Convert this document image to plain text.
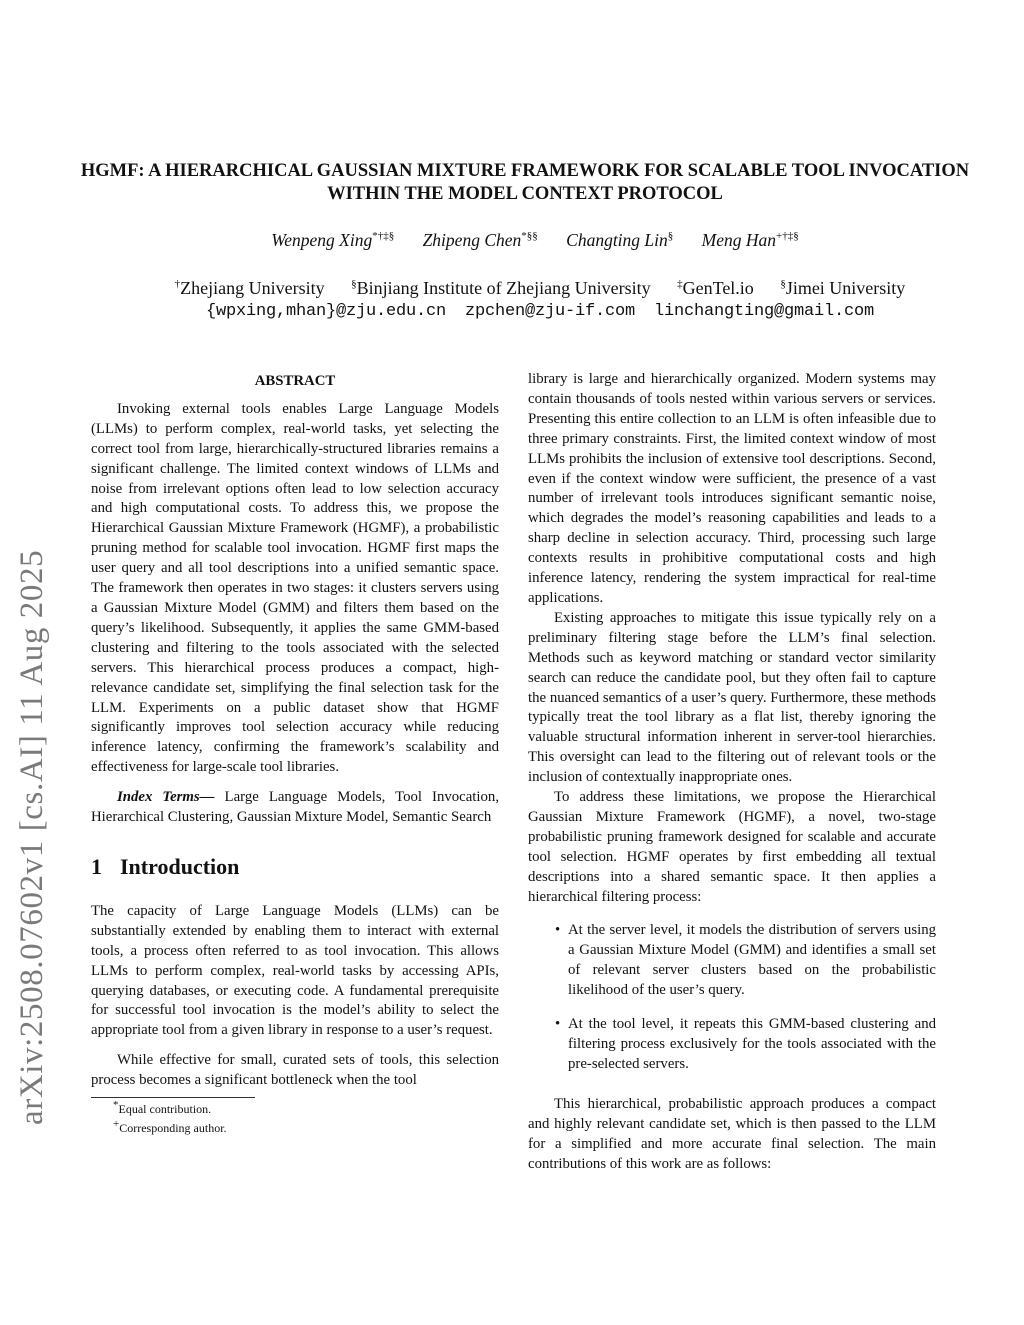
arXiv:2508.07602v1 [cs.AI] 11 Aug 2025
HGMF: A HIERARCHICAL GAUSSIAN MIXTURE FRAMEWORK FOR SCALABLE TOOL INVOCATION WITHIN THE MODEL CONTEXT PROTOCOL
Wenpeng Xing*†‡§ Zhipeng Chen*§§ Changting Lin§ Meng Han+†‡§
†Zhejiang University §Binjiang Institute of Zhejiang University ‡GenTel.io §Jimei University
{wpxing,mhan}@zju.edu.cn zpchen@zju-if.com linchangting@gmail.com
ABSTRACT

Invoking external tools enables Large Language Models (LLMs) to perform complex, real-world tasks, yet selecting the correct tool from large, hierarchically-structured libraries remains a significant challenge. The limited context windows of LLMs and noise from irrelevant options often lead to low selection accuracy and high computational costs. To address this, we propose the Hierarchical Gaussian Mixture Framework (HGMF), a probabilistic pruning method for scalable tool invocation. HGMF first maps the user query and all tool descriptions into a unified semantic space. The framework then operates in two stages: it clusters servers using a Gaussian Mixture Model (GMM) and filters them based on the query’s likelihood. Subsequently, it applies the same GMM-based clustering and filtering to the tools associated with the selected servers. This hierarchical process produces a compact, high-relevance candidate set, simplifying the final selection task for the LLM. Experiments on a public dataset show that HGMF significantly improves tool selection accuracy while reducing inference latency, confirming the framework’s scalability and effectiveness for large-scale tool libraries.

Index Terms— Large Language Models, Tool Invocation, Hierarchical Clustering, Gaussian Mixture Model, Semantic Search

1 Introduction

The capacity of Large Language Models (LLMs) can be substantially extended by enabling them to interact with external tools, a process often referred to as tool invocation. This allows LLMs to perform complex, real-world tasks by accessing APIs, querying databases, or executing code. A fundamental prerequisite for successful tool invocation is the model’s ability to select the appropriate tool from a given library in response to a user’s request.

While effective for small, curated sets of tools, this selection process becomes a significant bottleneck when the tool

*Equal contribution.
+Corresponding author.

library is large and hierarchically organized. Modern systems may contain thousands of tools nested within various servers or services. Presenting this entire collection to an LLM is often infeasible due to three primary constraints. First, the limited context window of most LLMs prohibits the inclusion of extensive tool descriptions. Second, even if the context window were sufficient, the presence of a vast number of irrelevant tools introduces significant semantic noise, which degrades the model’s reasoning capabilities and leads to a sharp decline in selection accuracy. Third, processing such large contexts results in prohibitive computational costs and high inference latency, rendering the system impractical for real-time applications.

Existing approaches to mitigate this issue typically rely on a preliminary filtering stage before the LLM’s final selection. Methods such as keyword matching or standard vector similarity search can reduce the candidate pool, but they often fail to capture the nuanced semantics of a user’s query. Furthermore, these methods typically treat the tool library as a flat list, thereby ignoring the valuable structural information inherent in server-tool hierarchies. This oversight can lead to the filtering out of relevant tools or the inclusion of contextually inappropriate ones.

To address these limitations, we propose the Hierarchical Gaussian Mixture Framework (HGMF), a novel, two-stage probabilistic pruning framework designed for scalable and accurate tool selection. HGMF operates by first embedding all textual descriptions into a shared semantic space. It then applies a hierarchical filtering process:

• At the server level, it models the distribution of servers using a Gaussian Mixture Model (GMM) and identifies a small set of relevant server clusters based on the probabilistic likelihood of the user’s query.
• At the tool level, it repeats this GMM-based clustering and filtering process exclusively for the tools associated with the pre-selected servers.

This hierarchical, probabilistic approach produces a compact and highly relevant candidate set, which is then passed to the LLM for a simplified and more accurate final selection. The main contributions of this work are as follows:
